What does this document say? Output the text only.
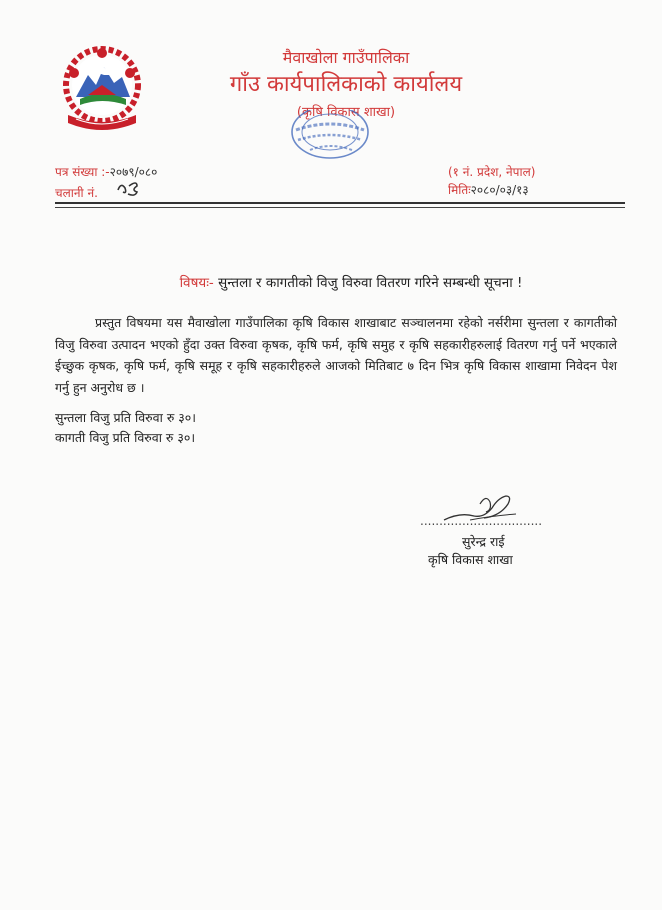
मैवाखोला गाउँपालिका
गाँउ कार्यपालिकाको कार्यालय
(कृषि विकास शाखा)
पत्र संख्या :-२०७९/०८०
चलानी नं.
(१ नं. प्रदेश, नेपाल)
मितिः२०८०/०३/१३
विषयः- सुन्तला र कागतीको विजु विरुवा वितरण गरिने सम्बन्धी सूचना !

प्रस्तुत विषयमा यस मैवाखोला गाउँपालिका कृषि विकास शाखाबाट सञ्चालनमा रहेको नर्सरीमा सुन्तला र कागतीको विजु विरुवा उत्पादन भएको हुँदा उक्त विरुवा कृषक, कृषि फर्म, कृषि समुह र कृषि सहकारीहरुलाई वितरण गर्नु पर्ने भएकाले ईच्छुक कृषक, कृषि फर्म, कृषि समूह र कृषि सहकारीहरुले आजको मितिबाट ७ दिन भित्र कृषि विकास शाखामा निवेदन पेश गर्नु हुन अनुरोध छ ।

सुन्तला विजु प्रति विरुवा रु ३०।
कागती विजु प्रति विरुवा रु ३०।
................................
सुरेन्द्र राई
कृषि विकास शाखा
